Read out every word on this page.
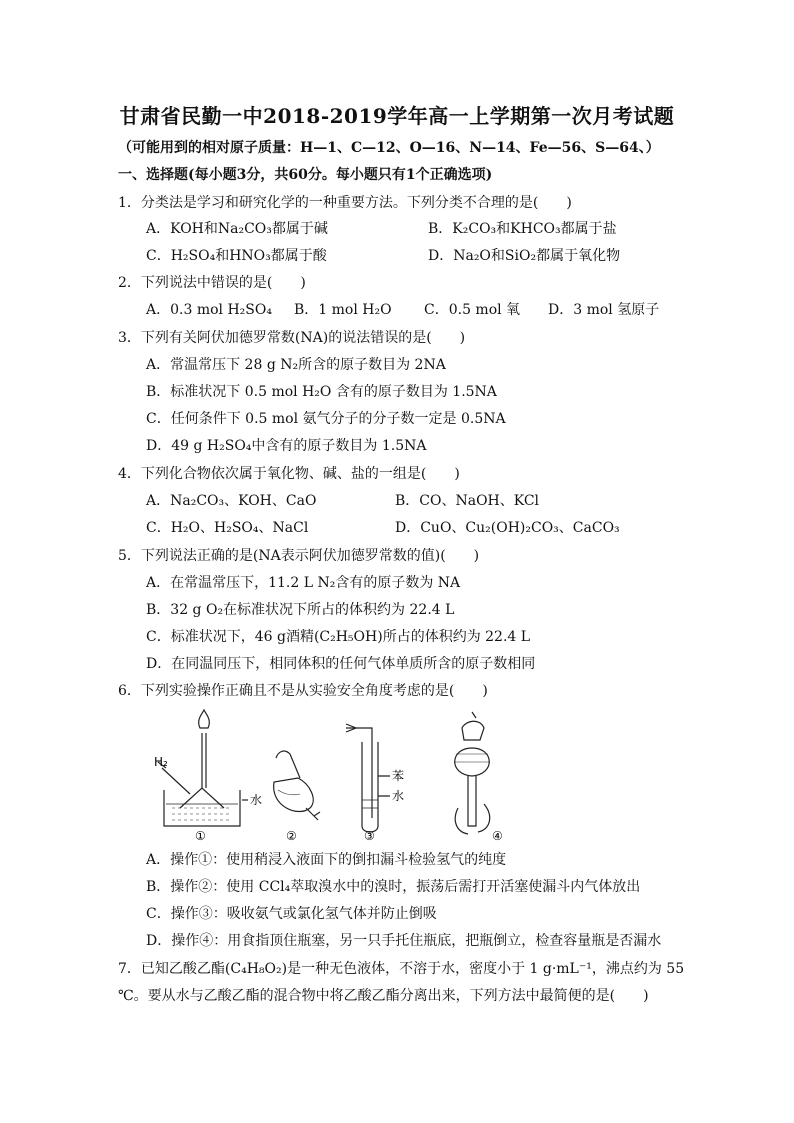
甘肃省民勤一中2018-2019学年高一上学期第一次月考试题
（可能用到的相对原子质量：H—1、C—12、O—16、N—14、Fe—56、S—64、）
一、选择题(每小题3分，共60分。每小题只有1个正确选项)
1．分类法是学习和研究化学的一种重要方法。下列分类不合理的是(　　)
A．KOH和Na₂CO₃都属于碱	B．K₂CO₃和KHCO₃都属于盐
C．H₂SO₄和HNO₃都属于酸	D．Na₂O和SiO₂都属于氧化物
2．下列说法中错误的是(　　)
A．0.3 mol H₂SO₄ B．1 mol H₂O C．0.5 mol 氧 D．3 mol 氢原子
3．下列有关阿伏加德罗常数(NA)的说法错误的是(　　)
A．常温常压下 28 g N₂所含的原子数目为 2NA
B．标准状况下 0.5 mol H₂O 含有的原子数目为 1.5NA
C．任何条件下 0.5 mol 氨气分子的分子数一定是 0.5NA
D．49 g H₂SO₄中含有的原子数目为 1.5NA
4．下列化合物依次属于氧化物、碱、盐的一组是(　　)
A．Na₂CO₃、KOH、CaO	B．CO、NaOH、KCl
C．H₂O、H₂SO₄、NaCl	D．CuO、Cu₂(OH)₂CO₃、CaCO₃
5．下列说法正确的是(NA表示阿伏加德罗常数的值)(　　)
A．在常温常压下，11.2 L N₂含有的原子数为 NA
B．32 g O₂在标准状况下所占的体积约为 22.4 L
C．标准状况下，46 g酒精(C₂H₅OH)所占的体积约为 22.4 L
D．在同温同压下，相同体积的任何气体单质所含的原子数相同
6．下列实验操作正确且不是从实验安全角度考虑的是(　　)
H₂
水
苯
水
①	②	③	④
A．操作①：使用稍浸入液面下的倒扣漏斗检验氢气的纯度
B．操作②：使用 CCl₄萃取溴水中的溴时，振荡后需打开活塞使漏斗内气体放出
C．操作③：吸收氨气或氯化氢气体并防止倒吸
D．操作④：用食指顶住瓶塞，另一只手托住瓶底，把瓶倒立，检查容量瓶是否漏水
7．已知乙酸乙酯(C₄H₈O₂)是一种无色液体，不溶于水，密度小于 1 g·mL⁻¹，沸点约为 55
℃。要从水与乙酸乙酯的混合物中将乙酸乙酯分离出来，下列方法中最简便的是(　　)
